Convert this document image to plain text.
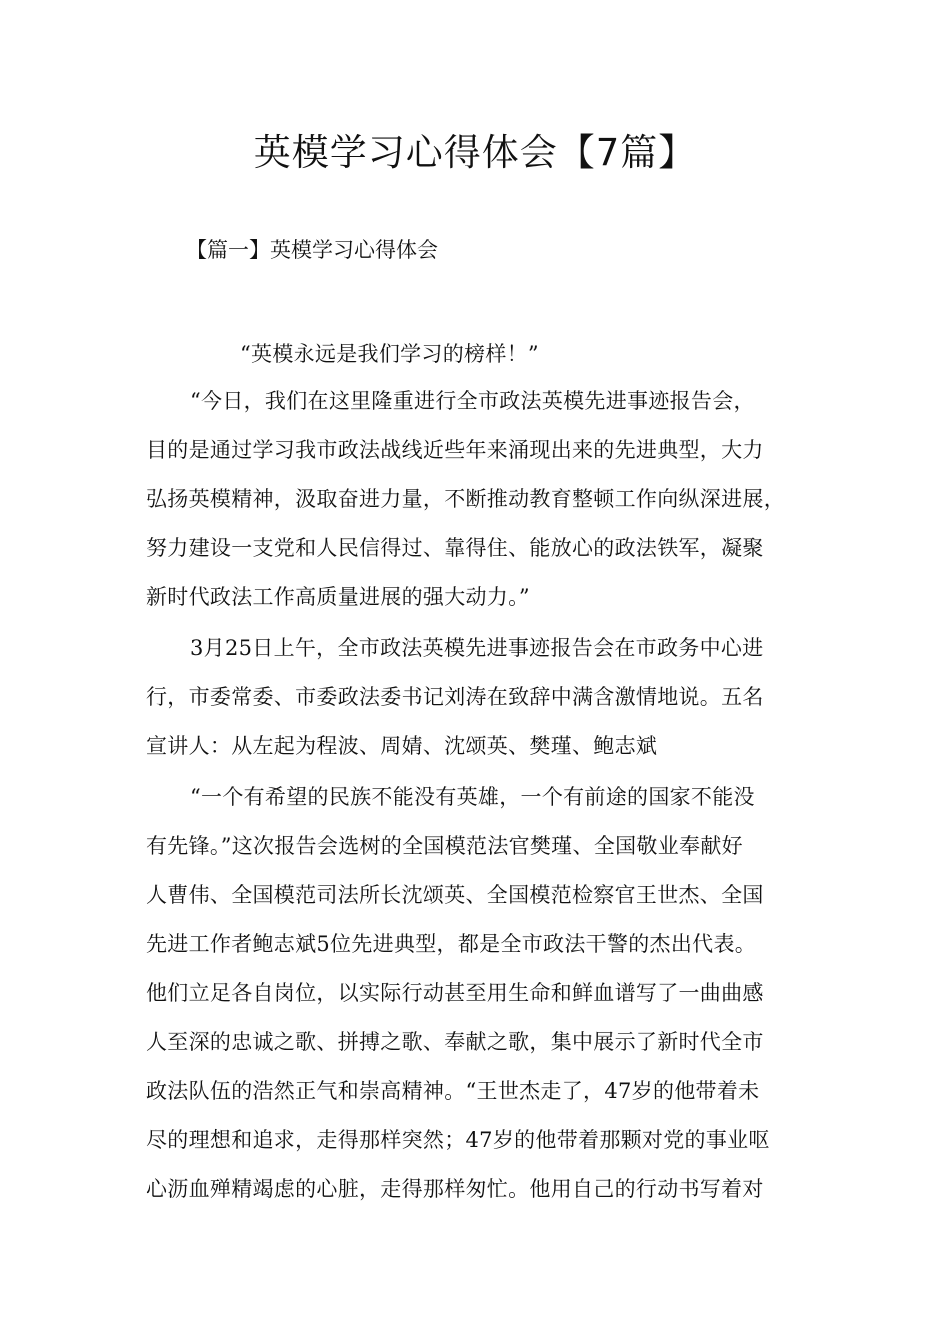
英模学习心得体会【7篇】
【篇一】英模学习心得体会
“英模永远是我们学习的榜样！”
“今日，我们在这里隆重进行全市政法英模先进事迹报告会，
目的是通过学习我市政法战线近些年来涌现出来的先进典型，大力
弘扬英模精神，汲取奋进力量，不断推动教育整顿工作向纵深进展，
努力建设一支党和人民信得过、靠得住、能放心的政法铁军，凝聚
新时代政法工作高质量进展的强大动力。”
3月25日上午，全市政法英模先进事迹报告会在市政务中心进
行，市委常委、市委政法委书记刘涛在致辞中满含激情地说。五名
宣讲人：从左起为程波、周婧、沈颂英、樊瑾、鲍志斌
“一个有希望的民族不能没有英雄，一个有前途的国家不能没
有先锋。”这次报告会选树的全国模范法官樊瑾、全国敬业奉献好
人曹伟、全国模范司法所长沈颂英、全国模范检察官王世杰、全国
先进工作者鲍志斌5位先进典型，都是全市政法干警的杰出代表。
他们立足各自岗位，以实际行动甚至用生命和鲜血谱写了一曲曲感
人至深的忠诚之歌、拼搏之歌、奉献之歌，集中展示了新时代全市
政法队伍的浩然正气和崇高精神。“王世杰走了，47岁的他带着未
尽的理想和追求，走得那样突然；47岁的他带着那颗对党的事业呕
心沥血殚精竭虑的心脏，走得那样匆忙。他用自己的行动书写着对
